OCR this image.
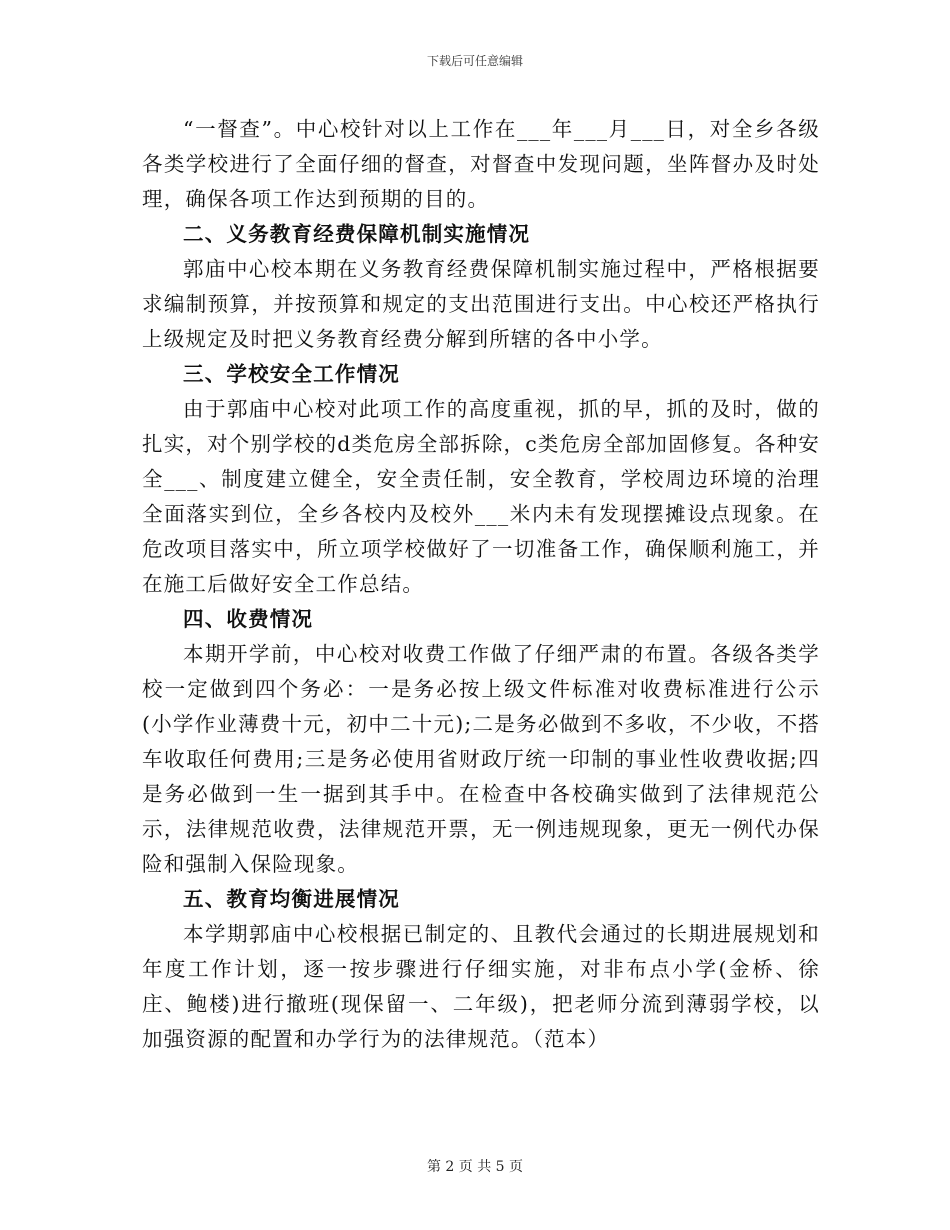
下载后可任意编辑

“一督查”。中心校针对以上工作在___年___月___日，对全乡各级各类学校进行了全面仔细的督查，对督查中发现问题，坐阵督办及时处理，确保各项工作达到预期的目的。

二、义务教育经费保障机制实施情况

郭庙中心校本期在义务教育经费保障机制实施过程中，严格根据要求编制预算，并按预算和规定的支出范围进行支出。中心校还严格执行上级规定及时把义务教育经费分解到所辖的各中小学。

三、学校安全工作情况

由于郭庙中心校对此项工作的高度重视，抓的早，抓的及时，做的扎实，对个别学校的d类危房全部拆除，c类危房全部加固修复。各种安全___、制度建立健全，安全责任制，安全教育，学校周边环境的治理全面落实到位，全乡各校内及校外___米内未有发现摆摊设点现象。在危改项目落实中，所立项学校做好了一切准备工作，确保顺利施工，并在施工后做好安全工作总结。

四、收费情况

本期开学前，中心校对收费工作做了仔细严肃的布置。各级各类学校一定做到四个务必：一是务必按上级文件标准对收费标准进行公示(小学作业薄费十元，初中二十元);二是务必做到不多收，不少收，不搭车收取任何费用;三是务必使用省财政厅统一印制的事业性收费收据;四是务必做到一生一据到其手中。在检查中各校确实做到了法律规范公示，法律规范收费，法律规范开票，无一例违规现象，更无一例代办保险和强制入保险现象。

五、教育均衡进展情况

本学期郭庙中心校根据已制定的、且教代会通过的长期进展规划和年度工作计划，逐一按步骤进行仔细实施，对非布点小学(金桥、徐庄、鲍楼)进行撤班(现保留一、二年级)，把老师分流到薄弱学校，以加强资源的配置和办学行为的法律规范。（范本）

第 2 页 共 5 页
